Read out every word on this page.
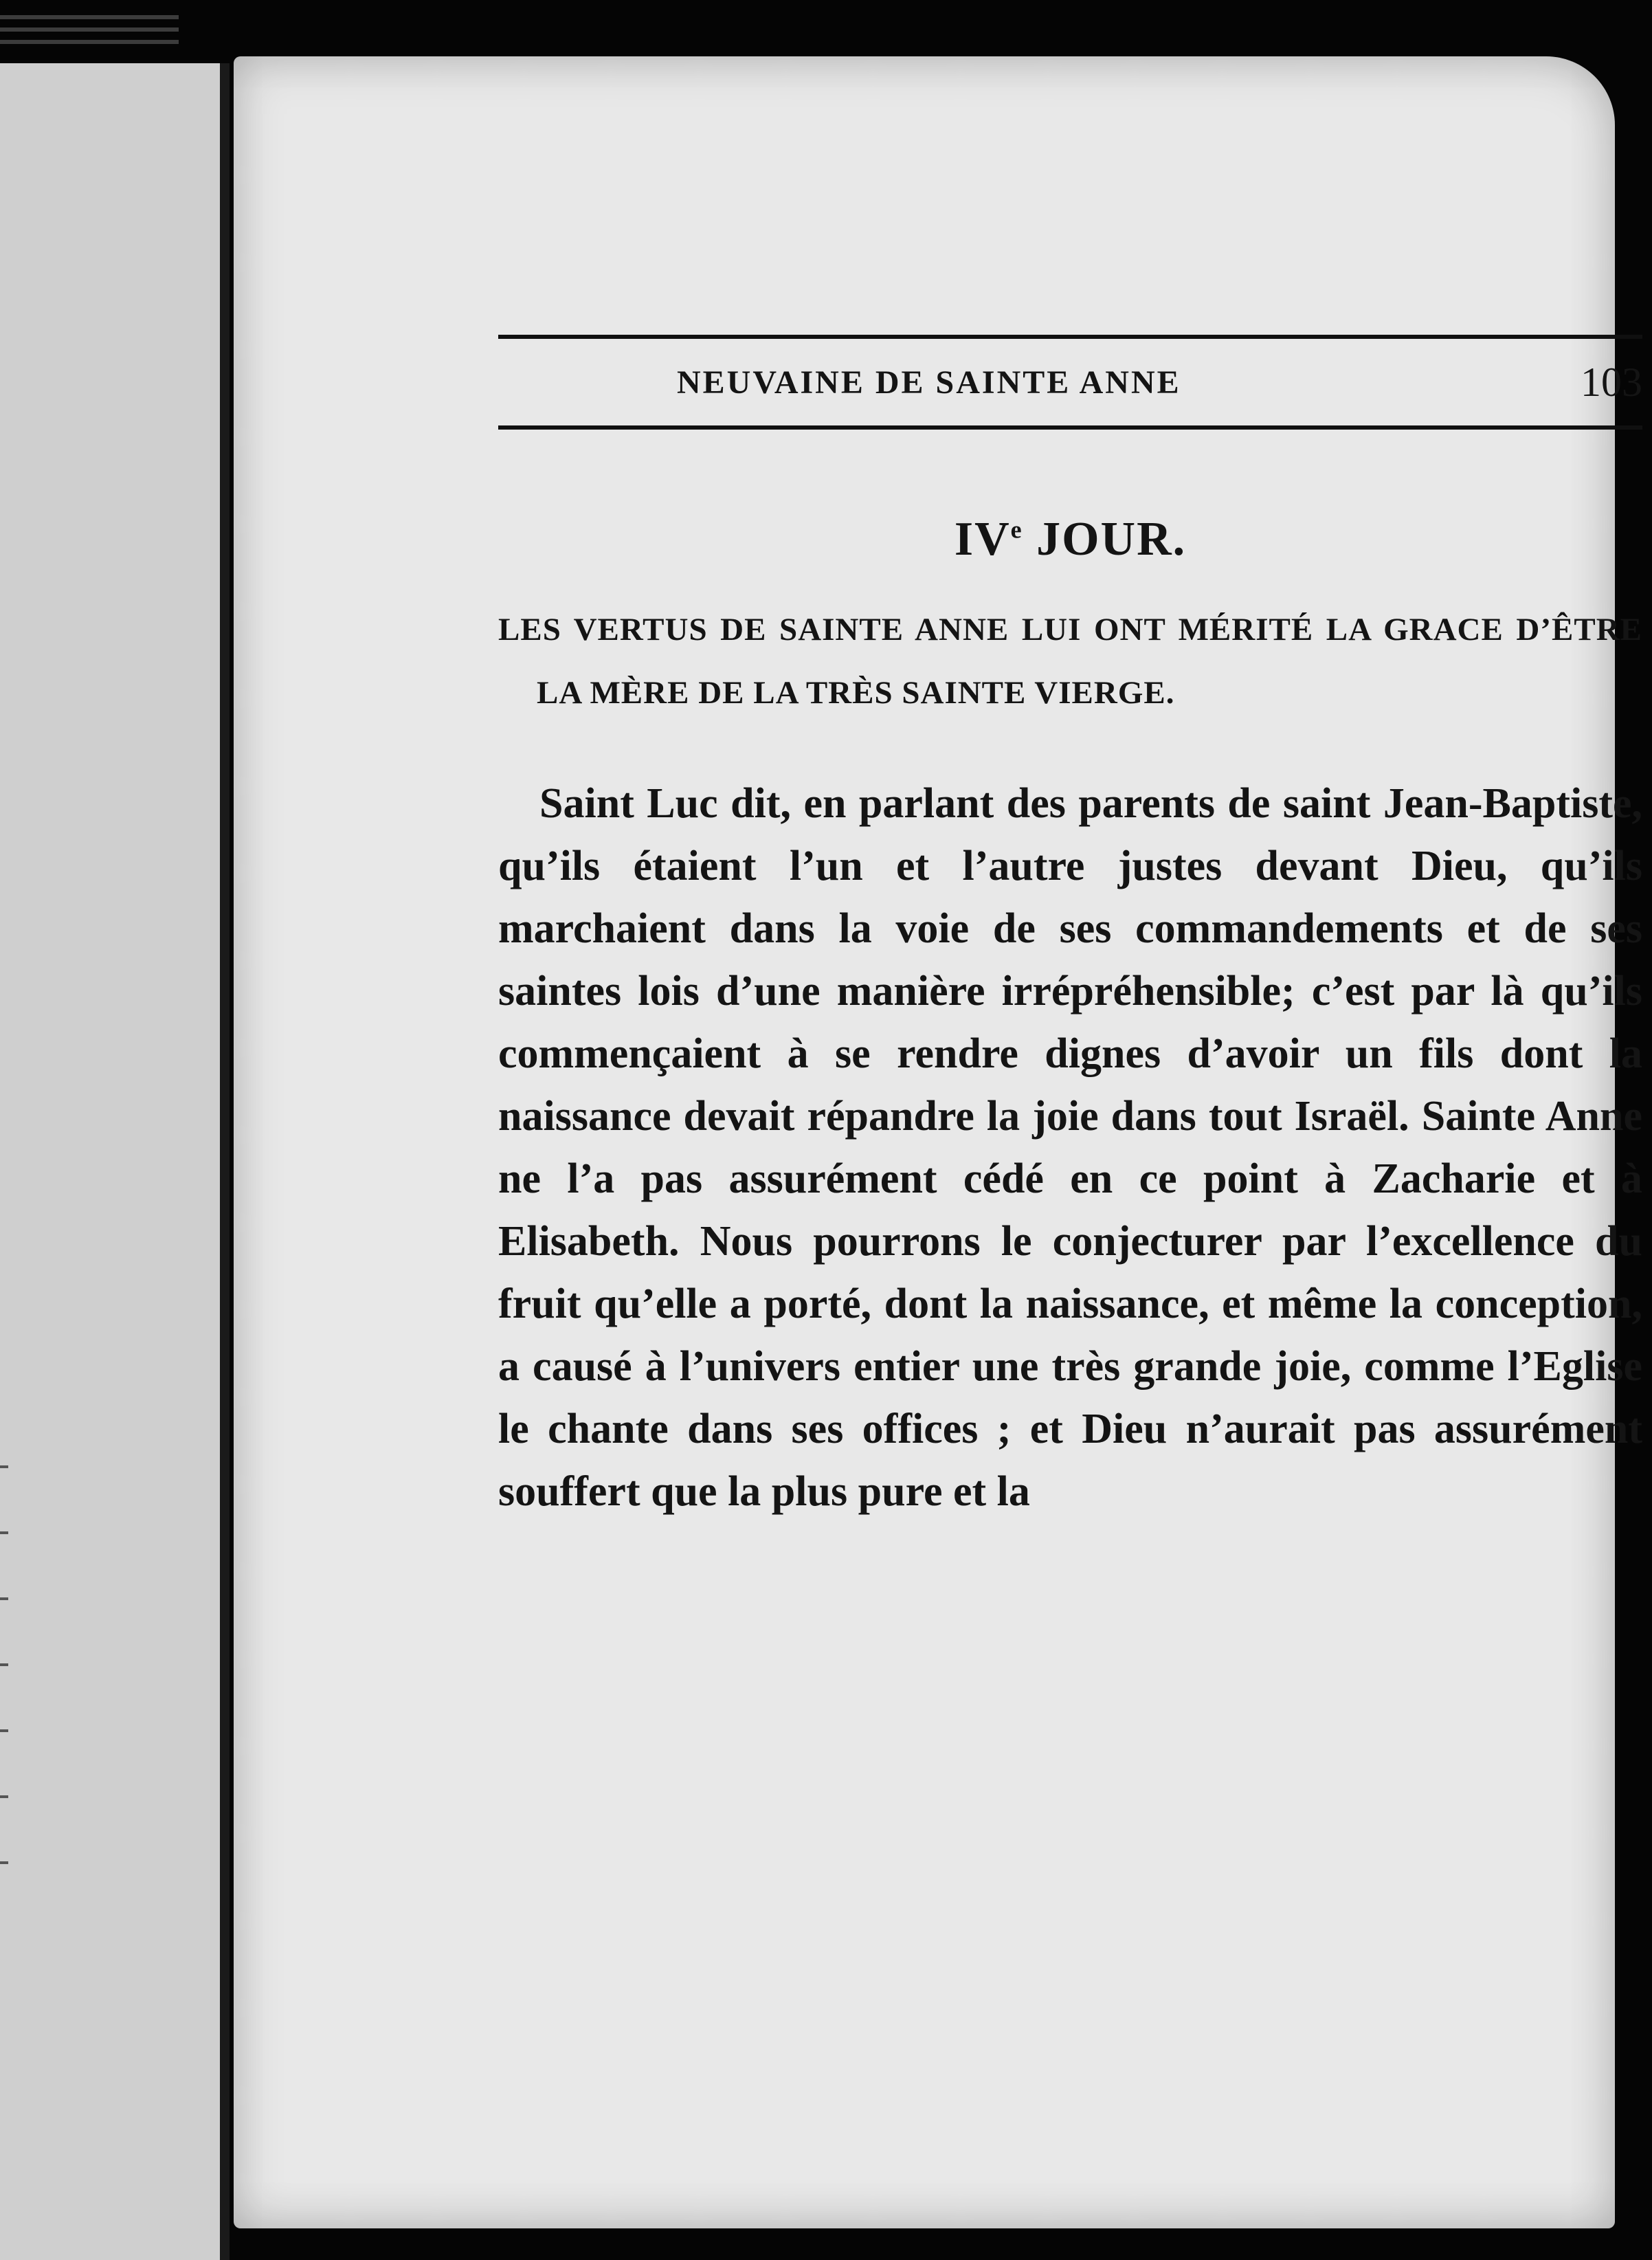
NEUVAINE DE SAINTE ANNE	103
IVe JOUR.
LES VERTUS DE SAINTE ANNE LUI ONT MÉRITÉ LA GRACE D’ÊTRE LA MÈRE DE LA TRÈS SAINTE VIERGE.
Saint Luc dit, en parlant des parents de saint Jean-Baptiste, qu’ils étaient l’un et l’autre justes devant Dieu, qu’ils marchaient dans la voie de ses commandements et de ses saintes lois d’une manière irrépréhensible; c’est par là qu’ils commençaient à se rendre dignes d’avoir un fils dont la naissance devait répandre la joie dans tout Israël. Sainte Anne ne l’a pas assurément cédé en ce point à Zacharie et à Elisabeth. Nous pourrons le conjecturer par l’excellence du fruit qu’elle a porté, dont la naissance, et même la conception, a causé à l’univers entier une très grande joie, comme l’Eglise le chante dans ses offices ; et Dieu n’aurait pas assurément souffert que la plus pure et la
